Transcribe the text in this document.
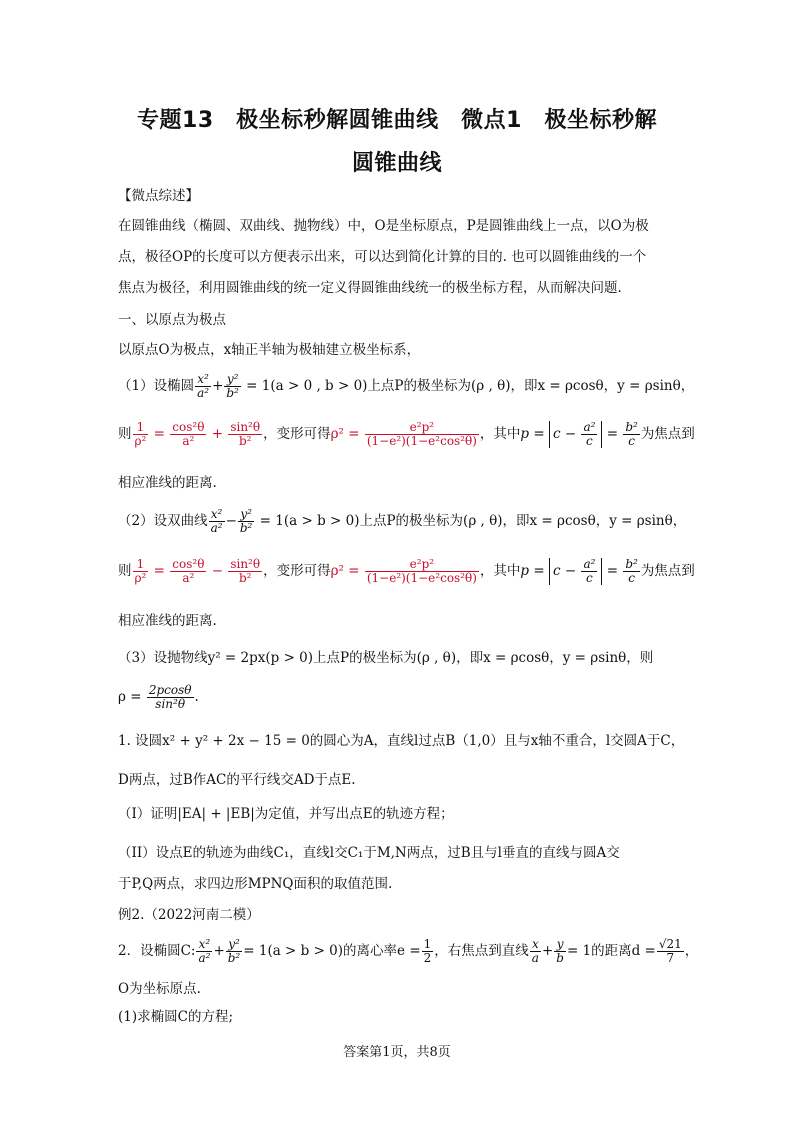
专题13　极坐标秒解圆锥曲线　微点1　极坐标秒解
圆锥曲线
【微点综述】
在圆锥曲线（椭圆、双曲线、抛物线）中，O是坐标原点，P是圆锥曲线上一点，以O为极
点，极径OP的长度可以方便表示出来，可以达到简化计算的目的. 也可以圆锥曲线的一个
焦点为极径，利用圆锥曲线的统一定义得圆锥曲线统一的极坐标方程，从而解决问题.
一、以原点为极点
以原点O为极点，x轴正半轴为极轴建立极坐标系，
（1）设椭圆 $\frac{\text{x²}}{\text{a²}} + \frac{\text{y²}}{\text{b²}} = 1(a > 0$ , b > 0)上点P的极坐标为(ρ , θ)，即x = ρcosθ，y = ρsinθ，
则 $\frac{1}{\text{ρ²}} = \frac{\text{cos²θ}}{\text{a²}} + \frac{\text{sin²θ}}{\text{b²}}$ ，变形可得$\rho^2 = \frac{\text{e²p²}}{\text{(1−e²)(1−e²cos²θ)}}$ ，其中$p = c - \frac{\text{a²}}{c} = \frac{\text{b²}}{c}$ 为焦点到
相应准线的距离.
（2）设双曲线 $\frac{\text{x²}}{\text{a²}} - \frac{\text{y²}}{\text{b²}} = 1(a > b > 0)$上点P的极坐标为(ρ , θ)，即x = ρcosθ，y = ρsinθ，
则 $\frac{1}{\text{ρ²}} = \frac{\text{cos²θ}}{\text{a²}} - \frac{\text{sin²θ}}{\text{b²}}$ ，变形可得$\rho^2 = \frac{\text{e²p²}}{\text{(1−e²)(1−e²cos²θ)}}$ ，其中$p = c - \frac{\text{a²}}{c} = \frac{\text{b²}}{c}$ 为焦点到
相应准线的距离.
（3）设抛物线y² = 2px(p > 0)上点P的极坐标为(ρ , θ)，即x = ρcosθ，y = ρsinθ，则
$\rho = \frac{2pcos\theta}{\text{sin²θ}}$ .
1. 设圆x² + y² + 2x − 15 = 0的圆心为A，直线l过点B（1,0）且与x轴不重合，l交圆A于C，
D两点，过B作AC的平行线交AD于点E.
（I）证明|EA| + |EB|为定值，并写出点E的轨迹方程；
（II）设点E的轨迹为曲线C₁，直线l交C₁于M,N两点，过B且与l垂直的直线与圆A交
于P,Q两点，求四边形MPNQ面积的取值范围.
例2.（2022河南二模）
2．设椭圆C: $\frac{\text{x²}}{\text{a²}} + \frac{\text{y²}}{\text{b²}} = 1(a > b > 0)$的离心率$e = \frac{1}{2}$ ，右焦点到直线 $\frac{x}{a} + \frac{y}{b} = 1$的距离$d = \frac{√21}{7}$ ，
O为坐标原点.
(1)求椭圆C的方程;
答案第1页，共8页
